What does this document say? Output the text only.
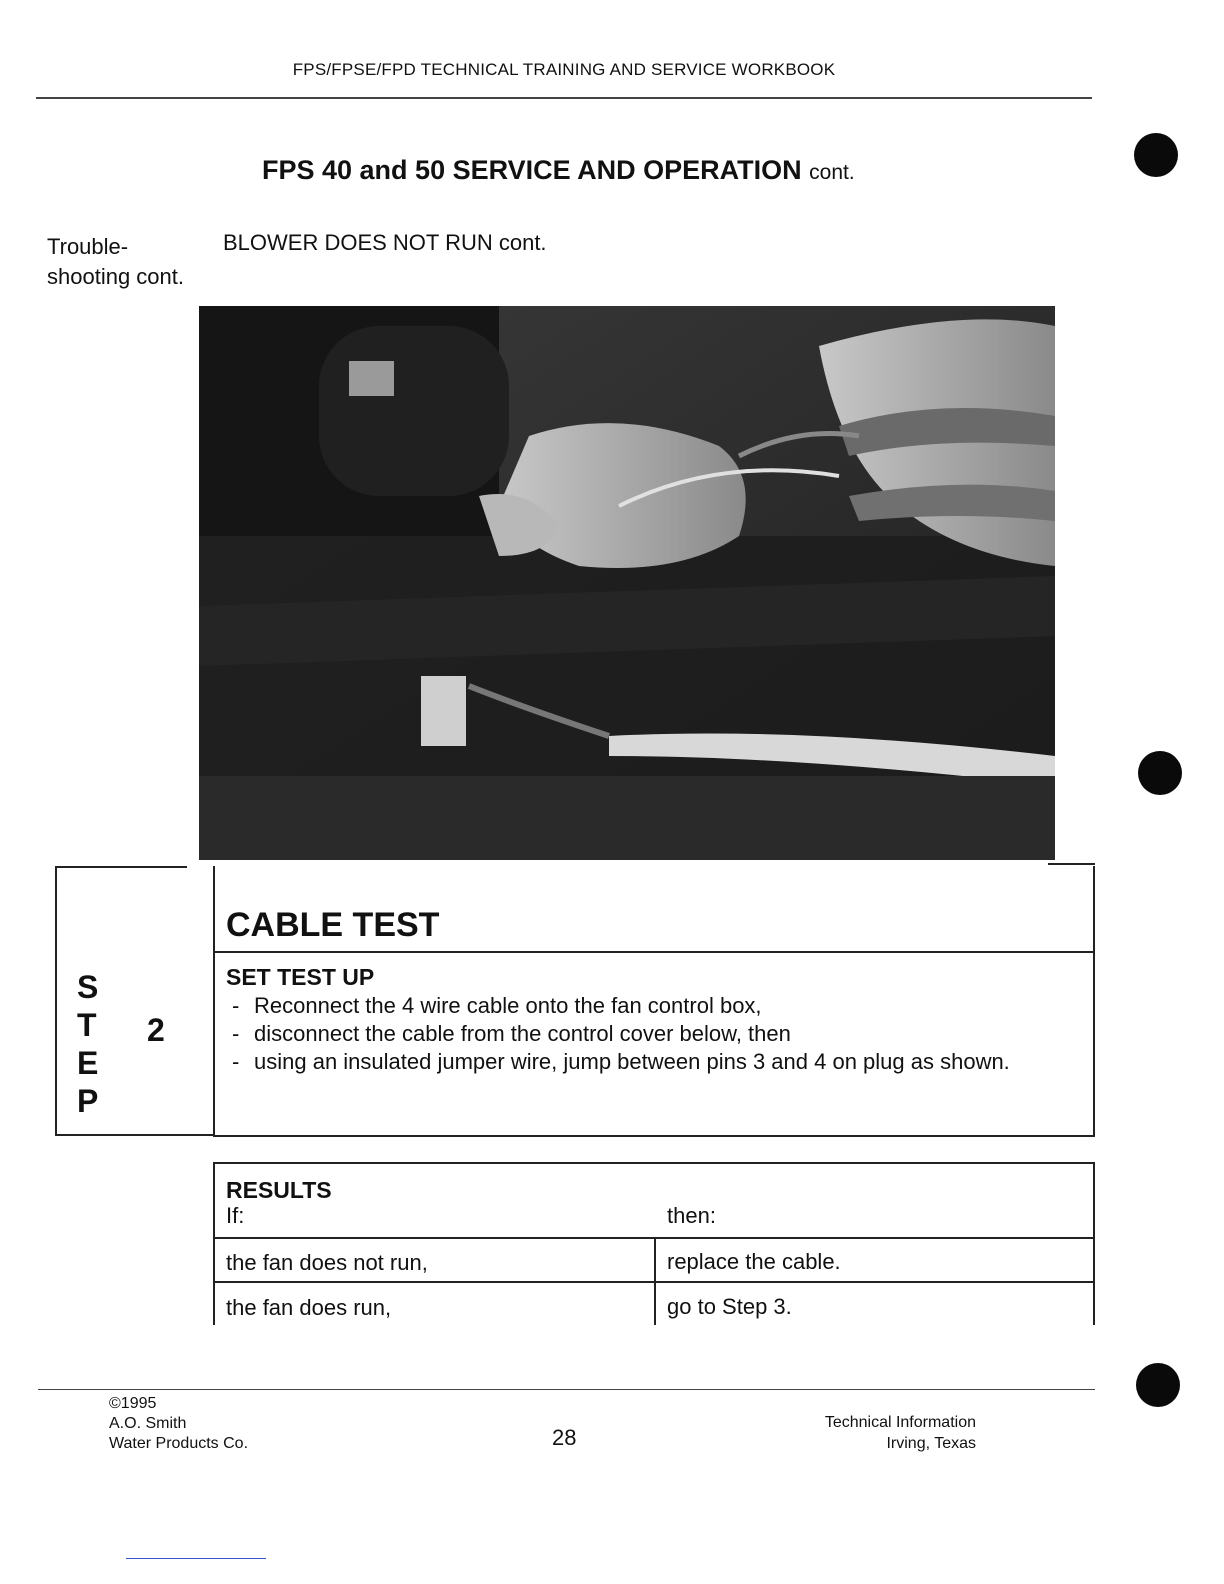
FPS/FPSE/FPD TECHNICAL TRAINING AND SERVICE WORKBOOK
FPS 40 and 50 SERVICE AND OPERATION cont.
Trouble-
shooting cont.
BLOWER DOES NOT RUN cont.
S
T
E
P
2
CABLE TEST
SET TEST UP
- Reconnect the 4 wire cable onto the fan control box,
- disconnect the cable from the control cover below, then
- using an insulated jumper wire, jump between pins 3 and 4 on plug as shown.
RESULTS
If:	then:
the fan does not run,	replace the cable.
the fan does run,	go to Step 3.
©1995
A.O. Smith
Water Products Co.	28
Technical Information
Irving, Texas
